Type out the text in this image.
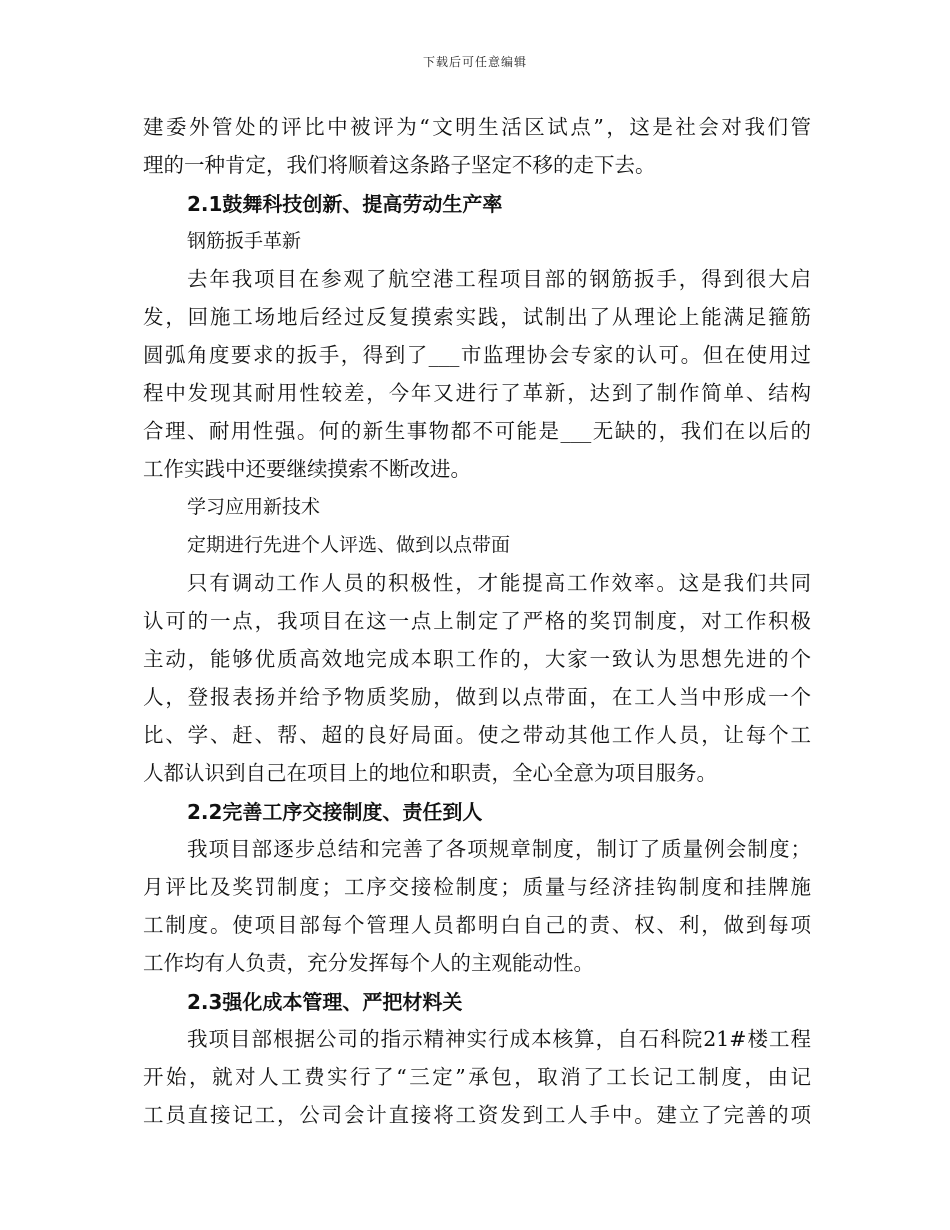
下载后可任意编辑
建委外管处的评比中被评为“文明生活区试点”，这是社会对我们管
理的一种肯定，我们将顺着这条路子坚定不移的走下去。
2.1鼓舞科技创新、提高劳动生产率
钢筋扳手革新
去年我项目在参观了航空港工程项目部的钢筋扳手，得到很大启
发，回施工场地后经过反复摸索实践，试制出了从理论上能满足箍筋
圆弧角度要求的扳手，得到了___市监理协会专家的认可。但在使用过
程中发现其耐用性较差，今年又进行了革新，达到了制作简单、结构
合理、耐用性强。何的新生事物都不可能是___无缺的，我们在以后的
工作实践中还要继续摸索不断改进。
学习应用新技术
定期进行先进个人评选、做到以点带面
只有调动工作人员的积极性，才能提高工作效率。这是我们共同
认可的一点，我项目在这一点上制定了严格的奖罚制度，对工作积极
主动，能够优质高效地完成本职工作的，大家一致认为思想先进的个
人，登报表扬并给予物质奖励，做到以点带面，在工人当中形成一个
比、学、赶、帮、超的良好局面。使之带动其他工作人员，让每个工
人都认识到自己在项目上的地位和职责，全心全意为项目服务。
2.2完善工序交接制度、责任到人
我项目部逐步总结和完善了各项规章制度，制订了质量例会制度；
月评比及奖罚制度；工序交接检制度；质量与经济挂钩制度和挂牌施
工制度。使项目部每个管理人员都明白自己的责、权、利，做到每项
工作均有人负责，充分发挥每个人的主观能动性。
2.3强化成本管理、严把材料关
我项目部根据公司的指示精神实行成本核算，自石科院21#楼工程
开始，就对人工费实行了“三定”承包，取消了工长记工制度，由记
工员直接记工，公司会计直接将工资发到工人手中。建立了完善的项
